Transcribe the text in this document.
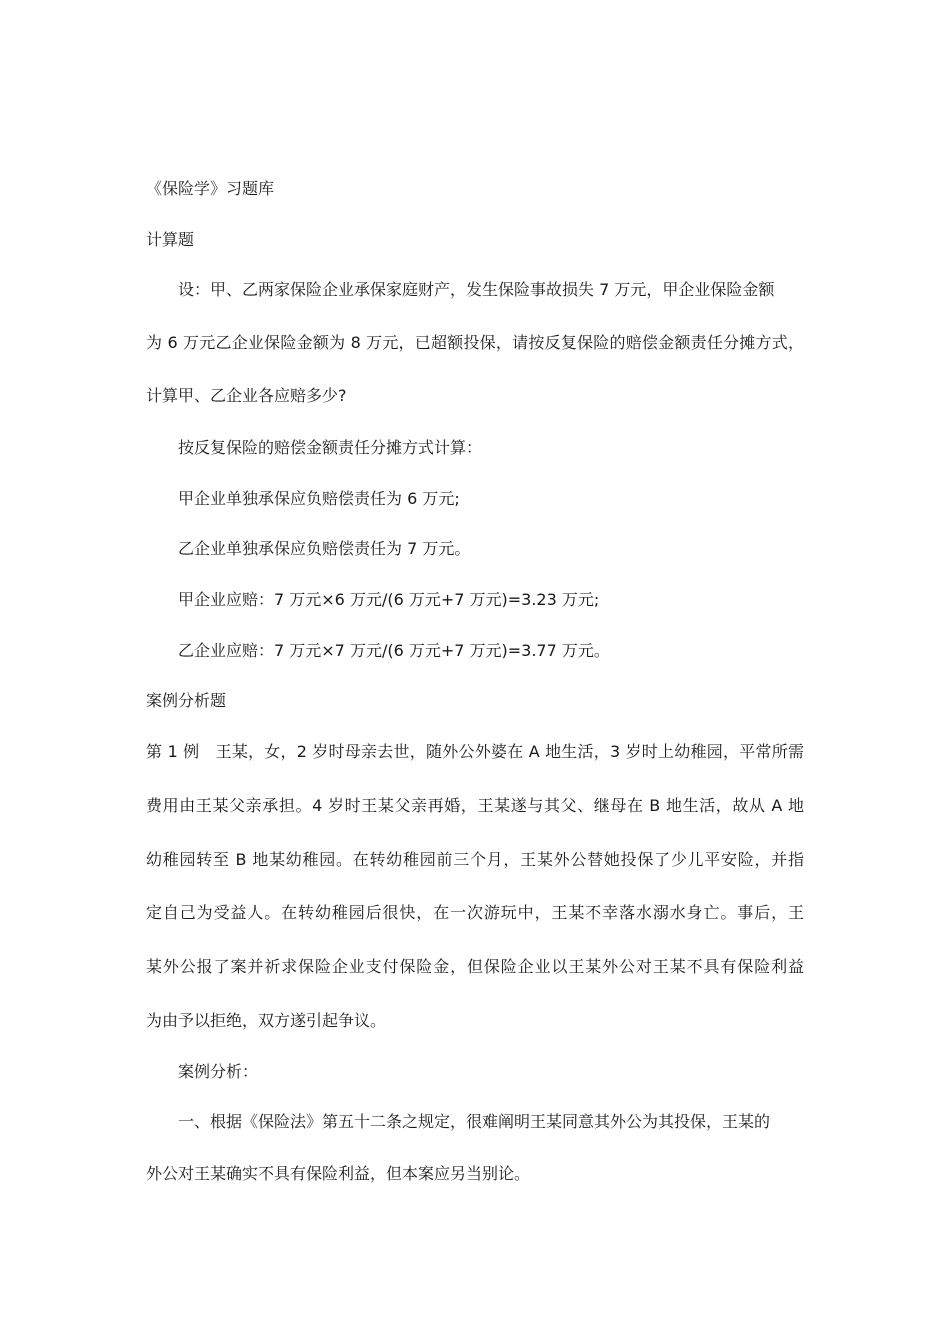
《保险学》习题库

计算题

设：甲、乙两家保险企业承保家庭财产，发生保险事故损失 7 万元，甲企业保险金额

为 6 万元乙企业保险金额为 8 万元，已超额投保，请按反复保险的赔偿金额责任分摊方式，

计算甲、乙企业各应赔多少?

按反复保险的赔偿金额责任分摊方式计算：

甲企业单独承保应负赔偿责任为 6 万元;

乙企业单独承保应负赔偿责任为 7 万元。

甲企业应赔：7 万元×6 万元/(6 万元+7 万元)=3.23 万元;

乙企业应赔：7 万元×7 万元/(6 万元+7 万元)=3.77 万元。

案例分析题

第 1 例　王某，女，2 岁时母亲去世，随外公外婆在 A 地生活，3 岁时上幼稚园，平常所需

费用由王某父亲承担。4 岁时王某父亲再婚，王某遂与其父、继母在 B 地生活，故从 A 地

幼稚园转至 B 地某幼稚园。在转幼稚园前三个月，王某外公替她投保了少儿平安险，并指

定自己为受益人。在转幼稚园后很快，在一次游玩中，王某不幸落水溺水身亡。事后，王

某外公报了案并祈求保险企业支付保险金，但保险企业以王某外公对王某不具有保险利益

为由予以拒绝，双方遂引起争议。

案例分析：

一、根据《保险法》第五十二条之规定，很难阐明王某同意其外公为其投保，王某的

外公对王某确实不具有保险利益，但本案应另当别论。
